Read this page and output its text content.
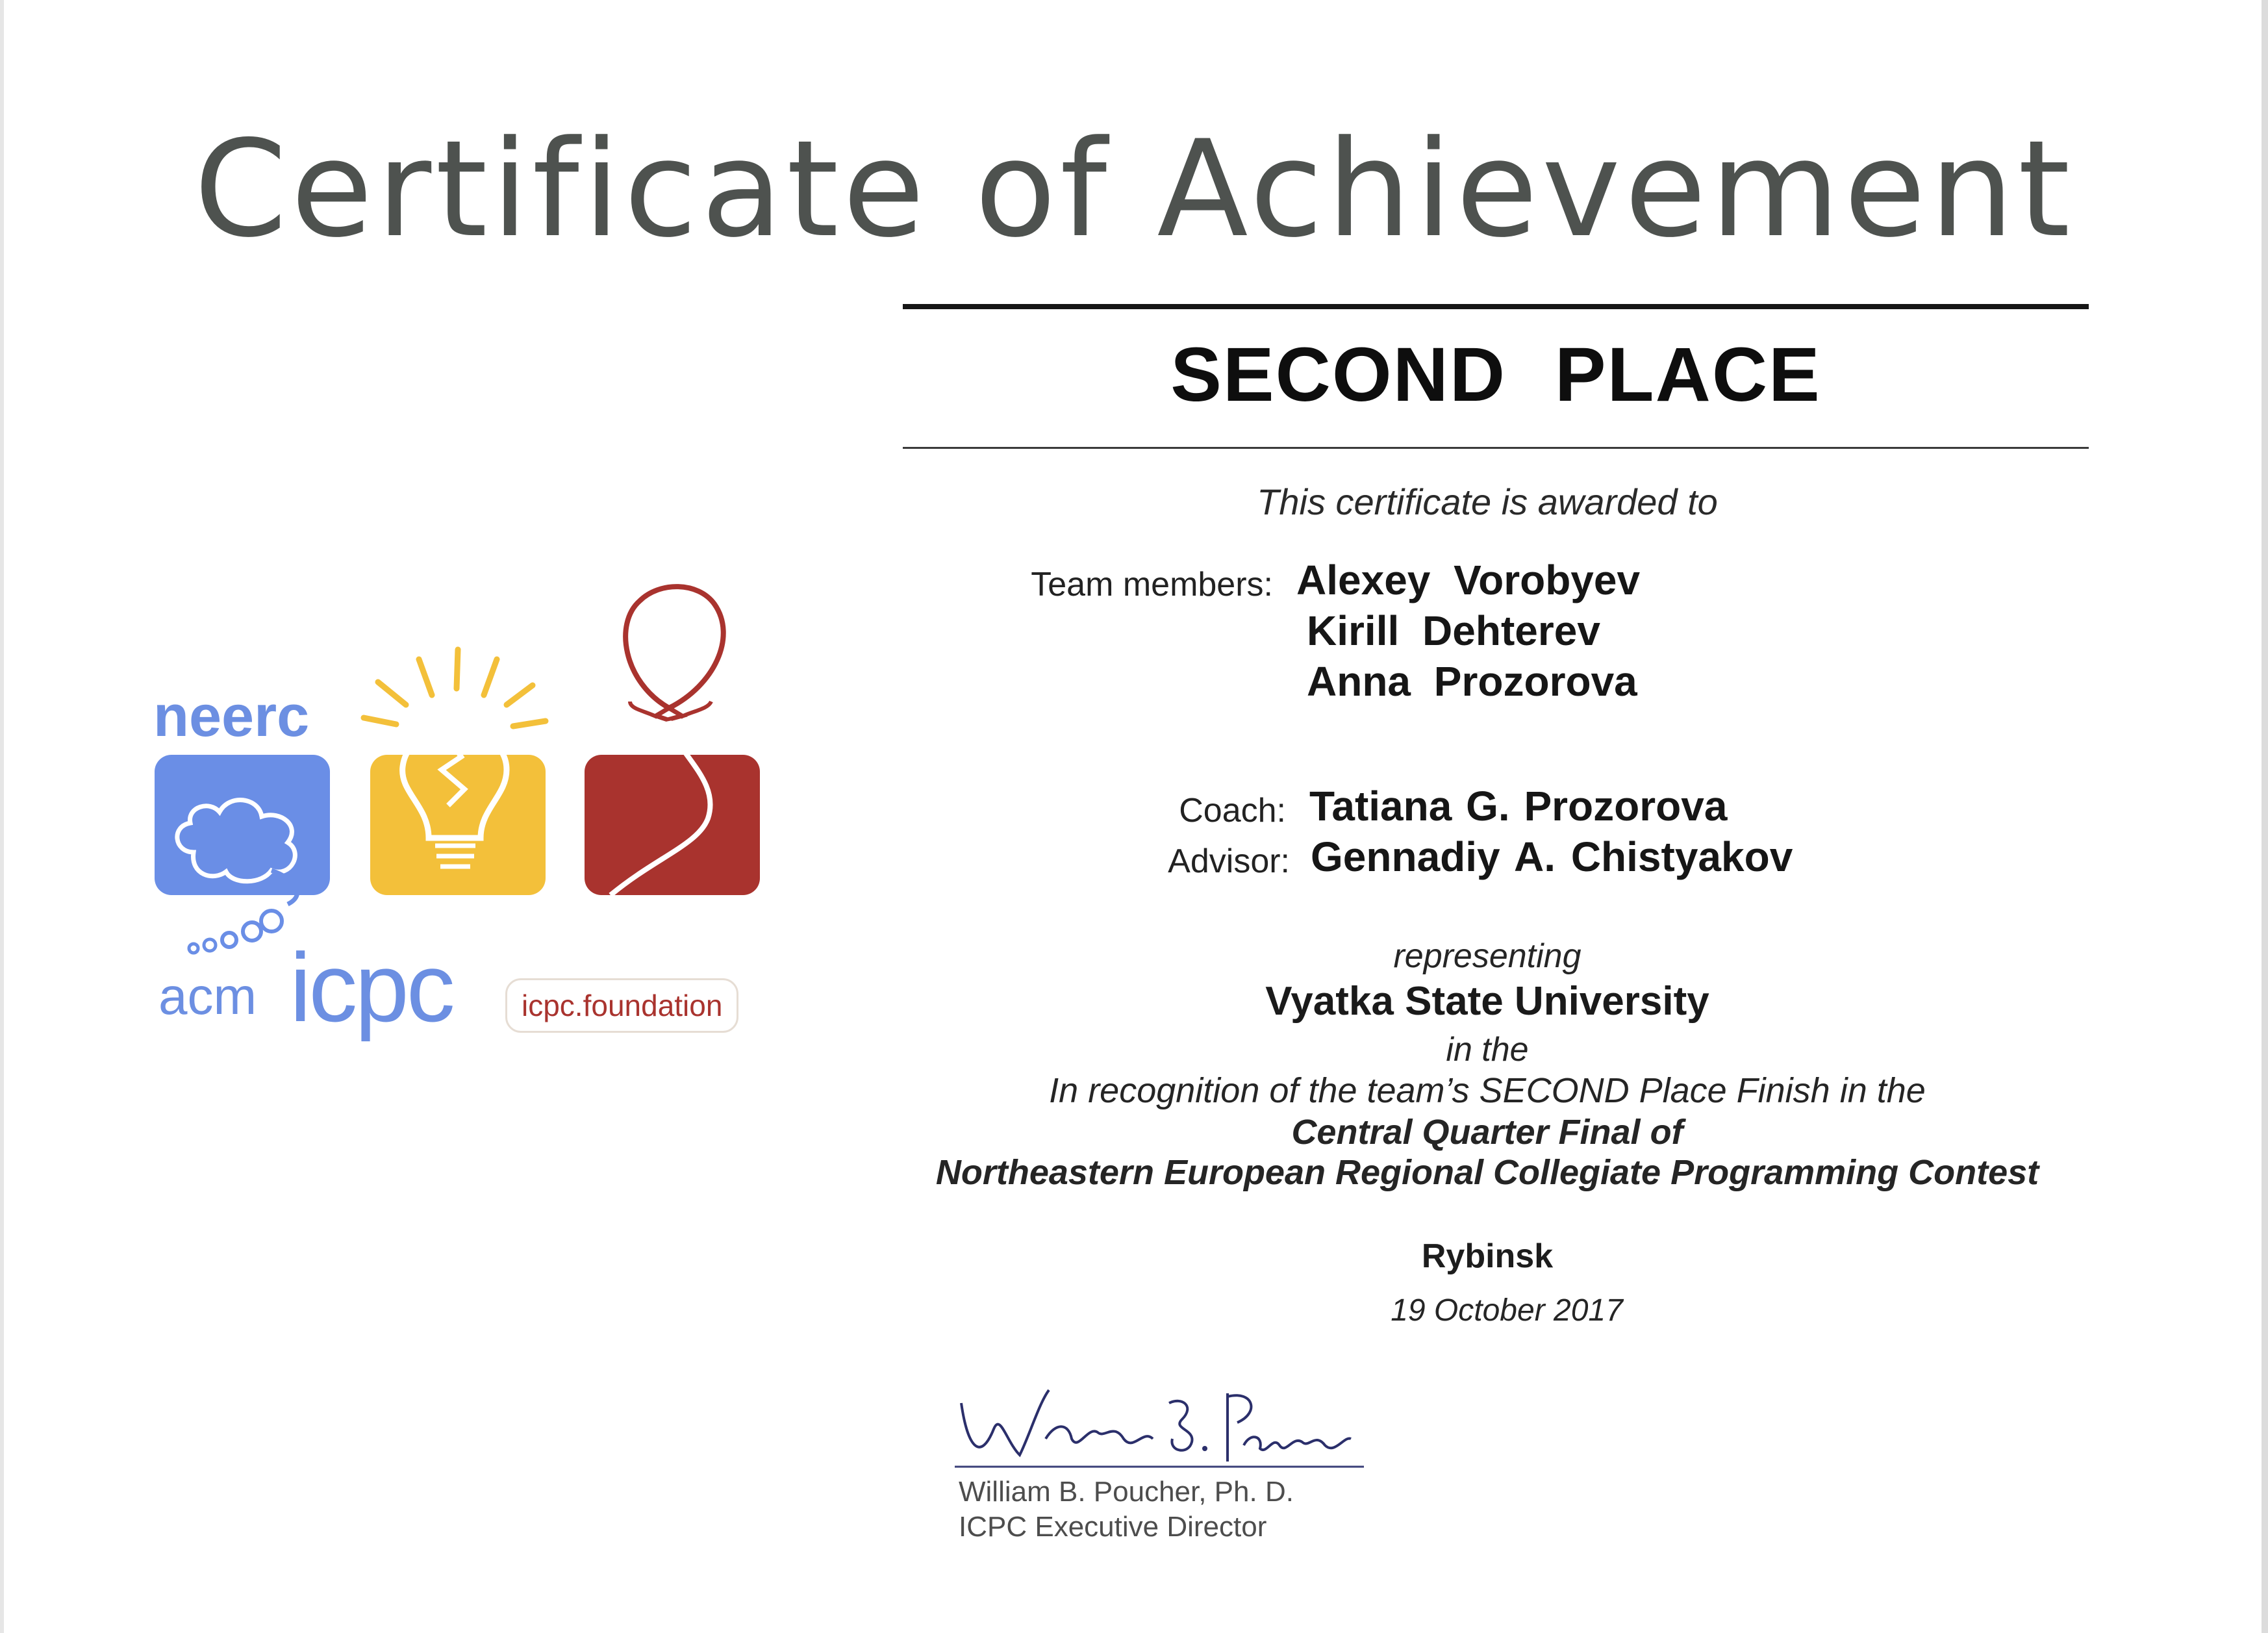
Certificate of Achievement
SECOND PLACE
This certificate is awarded to
Team members: Alexey Vorobyev
Kirill Dehterev
Anna Prozorova
Coach: Tatiana G. Prozorova
Advisor: Gennadiy A. Chistyakov
representing
Vyatka State University
in the
In recognition of the team’s SECOND Place Finish in the
Central Quarter Final of
Northeastern European Regional Collegiate Programming Contest
Rybinsk
19 October 2017
William B. Poucher, Ph. D.
ICPC Executive Director
neerc
acm icpc	icpc.foundation
